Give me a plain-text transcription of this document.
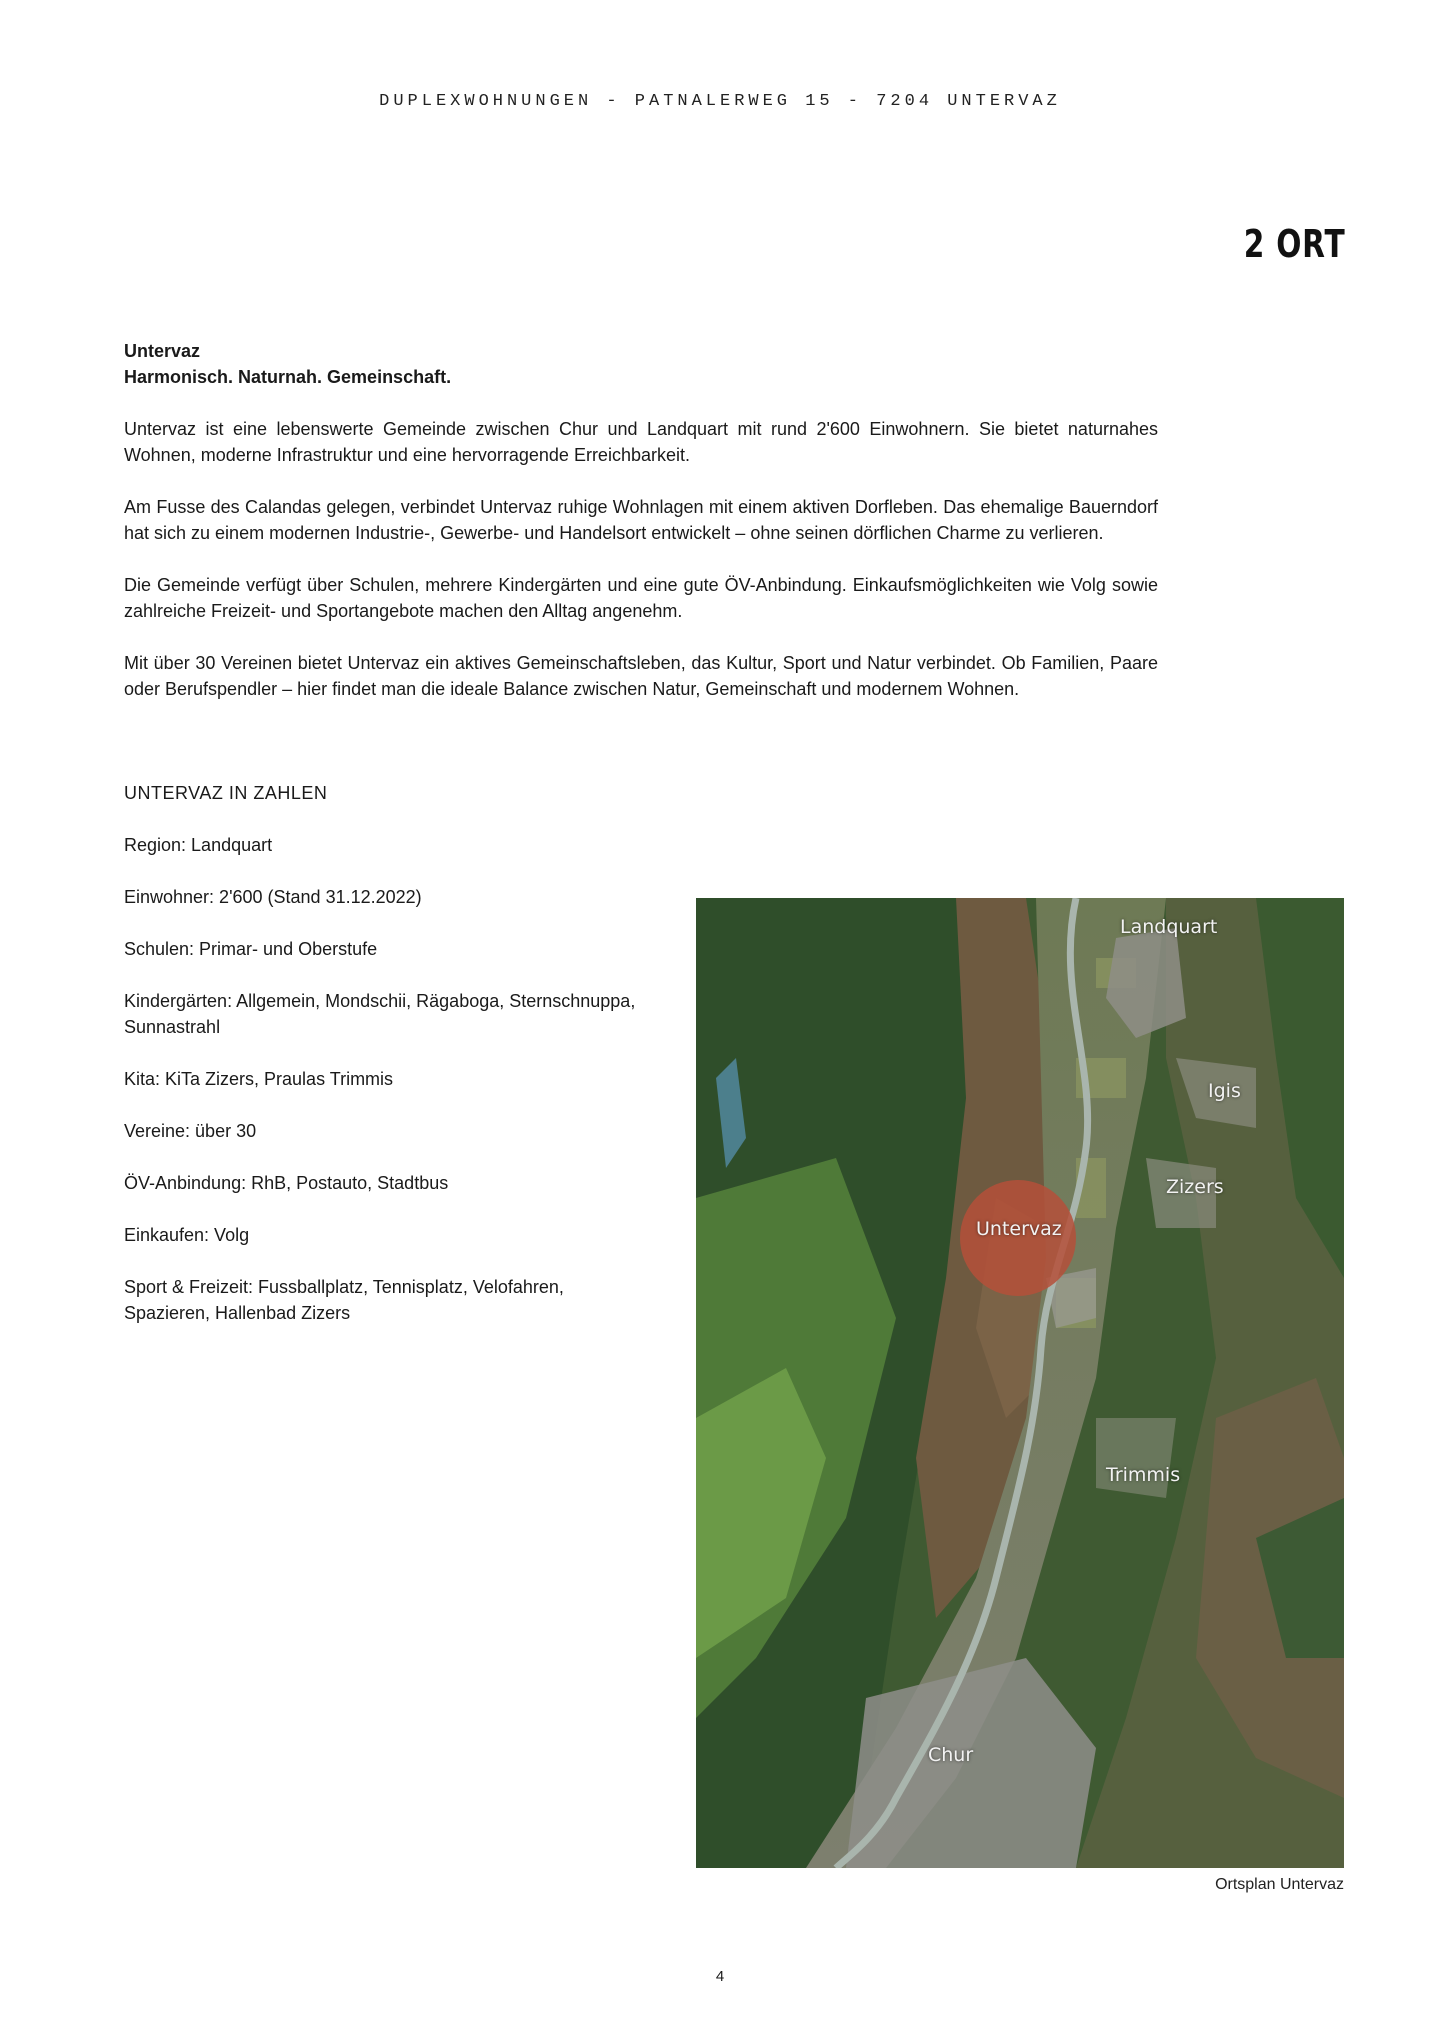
DUPLEXWOHNUNGEN - PATNALERWEG 15 - 7204 UNTERVAZ
2 ORT
Untervaz
Harmonisch. Naturnah. Gemeinschaft.

Untervaz ist eine lebenswerte Gemeinde zwischen Chur und Landquart mit rund 2'600 Einwohnern. Sie bietet naturnahes Wohnen, moderne Infrastruktur und eine hervorragende Erreichbarkeit.

Am Fusse des Calandas gelegen, verbindet Untervaz ruhige Wohnlagen mit einem aktiven Dorfleben. Das ehemalige Bauerndorf hat sich zu einem modernen Industrie-, Gewerbe- und Handelsort entwickelt – ohne seinen dörflichen Charme zu verlieren.

Die Gemeinde verfügt über Schulen, mehrere Kindergärten und eine gute ÖV-Anbindung. Einkaufsmöglichkeiten wie Volg sowie zahlreiche Freizeit- und Sportangebote machen den Alltag angenehm.

Mit über 30 Vereinen bietet Untervaz ein aktives Gemeinschaftsleben, das Kultur, Sport und Natur verbindet. Ob Familien, Paare oder Berufspendler – hier findet man die ideale Balance zwischen Natur, Gemeinschaft und modernem Wohnen.

UNTERVAZ IN ZAHLEN

Region: Landquart

Einwohner: 2'600 (Stand 31.12.2022)

Schulen: Primar- und Oberstufe

Kindergärten: Allgemein, Mondschii, Rägaboga, Sternschnuppa, Sunnastrahl

Kita: KiTa Zizers, Praulas Trimmis

Vereine: über 30

ÖV-Anbindung: RhB, Postauto, Stadtbus

Einkaufen: Volg

Sport & Freizeit: Fussballplatz, Tennisplatz, Velofahren, Spazieren, Hallenbad Zizers

Landquart
Igis
Zizers
Untervaz
Trimmis
Chur
Ortsplan Untervaz
4
